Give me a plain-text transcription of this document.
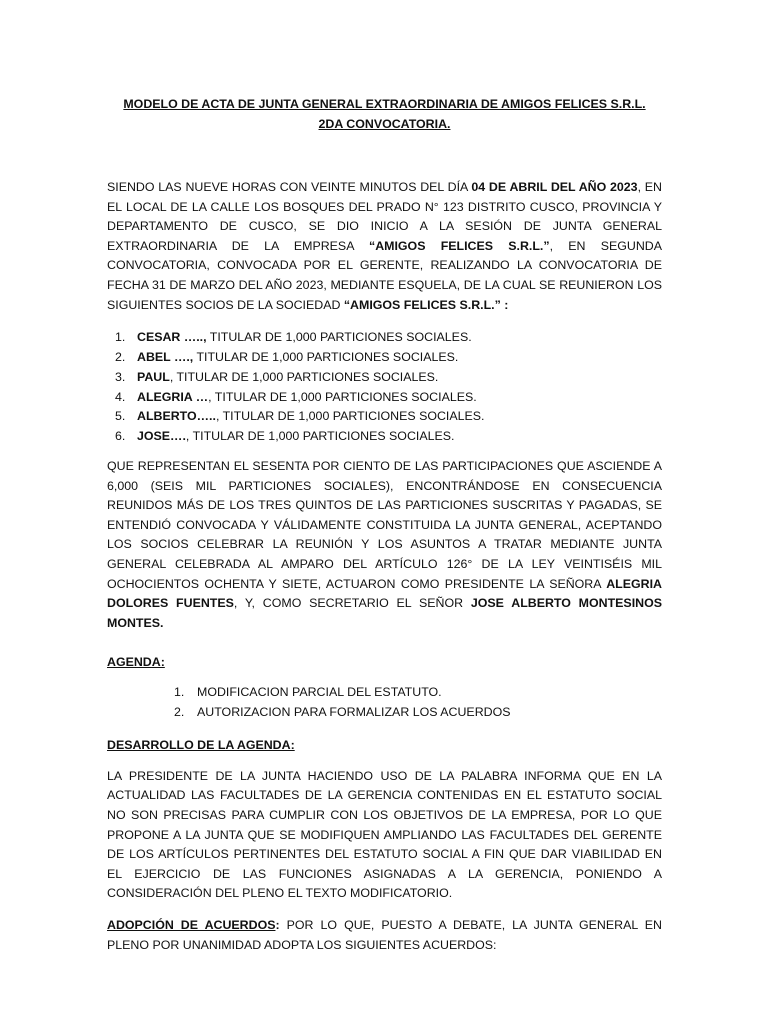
MODELO DE ACTA DE JUNTA GENERAL EXTRAORDINARIA DE AMIGOS FELICES S.R.L.
2DA CONVOCATORIA.

SIENDO LAS NUEVE HORAS CON VEINTE MINUTOS DEL DÍA 04 DE ABRIL DEL AÑO 2023, EN EL LOCAL DE LA CALLE LOS BOSQUES DEL PRADO N° 123 DISTRITO CUSCO, PROVINCIA Y DEPARTAMENTO DE CUSCO, SE DIO INICIO A LA SESIÓN DE JUNTA GENERAL EXTRAORDINARIA DE LA EMPRESA “AMIGOS FELICES S.R.L.”, EN SEGUNDA CONVOCATORIA, CONVOCADA POR EL GERENTE, REALIZANDO LA CONVOCATORIA DE FECHA 31 DE MARZO DEL AÑO 2023, MEDIANTE ESQUELA, DE LA CUAL SE REUNIERON LOS SIGUIENTES SOCIOS DE LA SOCIEDAD “AMIGOS FELICES S.R.L.” :

1. CESAR ….., TITULAR DE 1,000 PARTICIONES SOCIALES.
2. ABEL …., TITULAR DE 1,000 PARTICIONES SOCIALES.
3. PAUL, TITULAR DE 1,000 PARTICIONES SOCIALES.
4. ALEGRIA …, TITULAR DE 1,000 PARTICIONES SOCIALES.
5. ALBERTO….., TITULAR DE 1,000 PARTICIONES SOCIALES.
6. JOSE…., TITULAR DE 1,000 PARTICIONES SOCIALES.

QUE REPRESENTAN EL SESENTA POR CIENTO DE LAS PARTICIPACIONES QUE ASCIENDE A 6,000 (SEIS MIL PARTICIONES SOCIALES), ENCONTRÁNDOSE EN CONSECUENCIA REUNIDOS MÁS DE LOS TRES QUINTOS DE LAS PARTICIONES SUSCRITAS Y PAGADAS, SE ENTENDIÓ CONVOCADA Y VÁLIDAMENTE CONSTITUIDA LA JUNTA GENERAL, ACEPTANDO LOS SOCIOS CELEBRAR LA REUNIÓN Y LOS ASUNTOS A TRATAR MEDIANTE JUNTA GENERAL CELEBRADA AL AMPARO DEL ARTÍCULO 126° DE LA LEY VEINTISÉIS MIL OCHOCIENTOS OCHENTA Y SIETE, ACTUARON COMO PRESIDENTE LA SEÑORA ALEGRIA DOLORES FUENTES, Y, COMO SECRETARIO EL SEÑOR JOSE ALBERTO MONTESINOS MONTES.

AGENDA:
1. MODIFICACION PARCIAL DEL ESTATUTO.
2. AUTORIZACION PARA FORMALIZAR LOS ACUERDOS
DESARROLLO DE LA AGENDA:

LA PRESIDENTE DE LA JUNTA HACIENDO USO DE LA PALABRA INFORMA QUE EN LA ACTUALIDAD LAS FACULTADES DE LA GERENCIA CONTENIDAS EN EL ESTATUTO SOCIAL NO SON PRECISAS PARA CUMPLIR CON LOS OBJETIVOS DE LA EMPRESA, POR LO QUE PROPONE A LA JUNTA QUE SE MODIFIQUEN AMPLIANDO LAS FACULTADES DEL GERENTE DE LOS ARTÍCULOS PERTINENTES DEL ESTATUTO SOCIAL A FIN QUE DAR VIABILIDAD EN EL EJERCICIO DE LAS FUNCIONES ASIGNADAS A LA GERENCIA, PONIENDO A CONSIDERACIÓN DEL PLENO EL TEXTO MODIFICATORIO.

ADOPCIÓN DE ACUERDOS: POR LO QUE, PUESTO A DEBATE, LA JUNTA GENERAL EN PLENO POR UNANIMIDAD ADOPTA LOS SIGUIENTES ACUERDOS:
